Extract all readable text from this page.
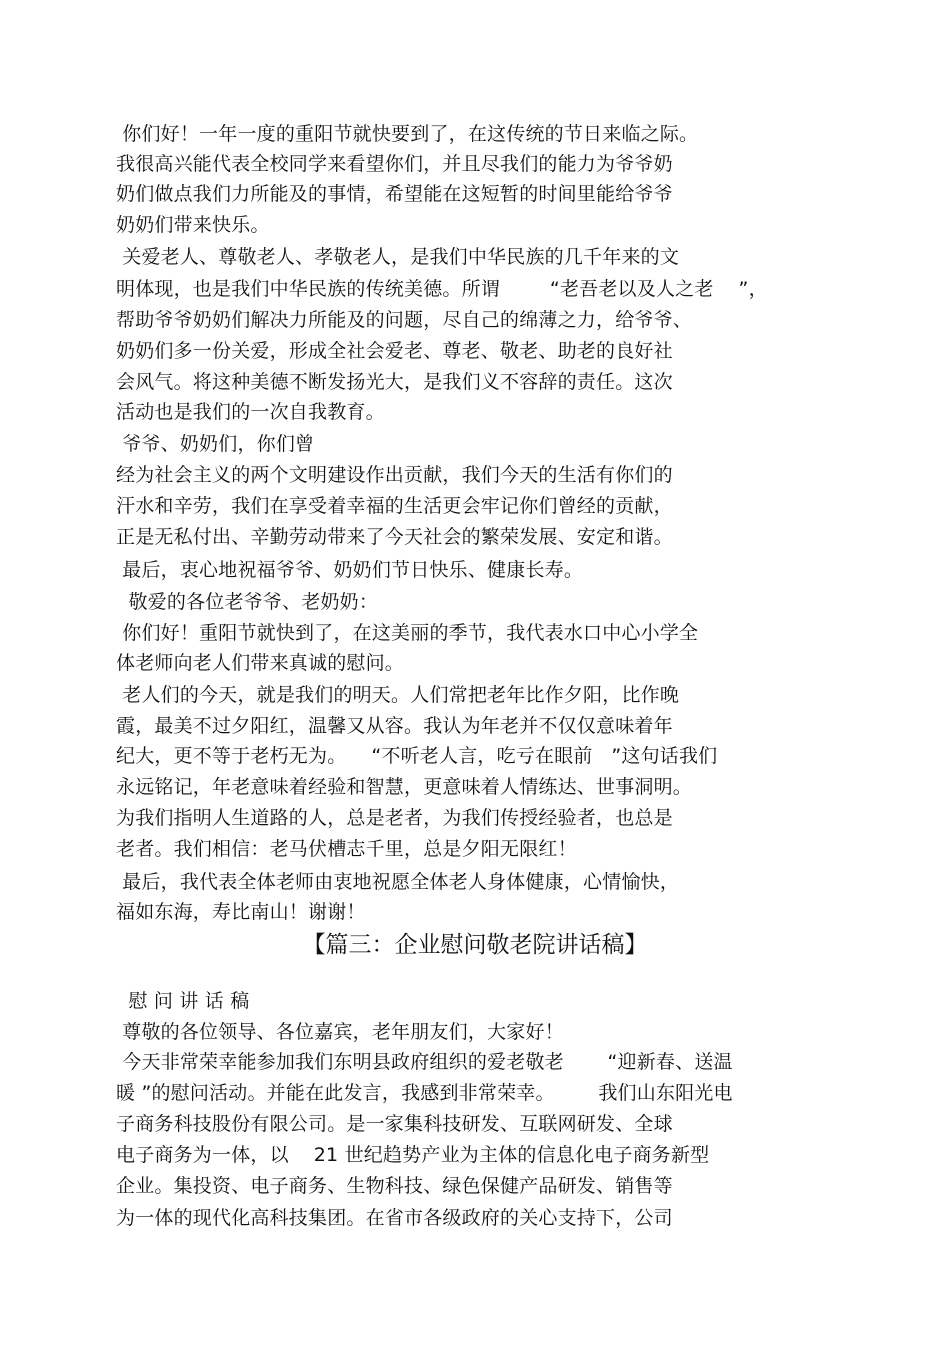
你们好！一年一度的重阳节就快要到了，在这传统的节日来临之际。
我很高兴能代表全校同学来看望你们，并且尽我们的能力为爷爷奶
奶们做点我们力所能及的事情，希望能在这短暂的时间里能给爷爷
奶奶们带来快乐。
关爱老人、尊敬老人、孝敬老人，是我们中华民族的几千年来的文
明体现，也是我们中华民族的传统美德。所谓        “老吾老以及人之老    ”，
帮助爷爷奶奶们解决力所能及的问题，尽自己的绵薄之力，给爷爷、
奶奶们多一份关爱，形成全社会爱老、尊老、敬老、助老的良好社
会风气。将这种美德不断发扬光大，是我们义不容辞的责任。这次
活动也是我们的一次自我教育。
爷爷、奶奶们，你们曾
经为社会主义的两个文明建设作出贡献，我们今天的生活有你们的
汗水和辛劳，我们在享受着幸福的生活更会牢记你们曾经的贡献，
正是无私付出、辛勤劳动带来了今天社会的繁荣发展、安定和谐。
最后，衷心地祝福爷爷、奶奶们节日快乐、健康长寿。
敬爱的各位老爷爷、老奶奶：
你们好！重阳节就快到了，在这美丽的季节，我代表水口中心小学全
体老师向老人们带来真诚的慰问。
老人们的今天，就是我们的明天。人们常把老年比作夕阳，比作晚
霞，最美不过夕阳红，温馨又从容。我认为年老并不仅仅意味着年
纪大，更不等于老朽无为。    “不听老人言，吃亏在眼前   ”这句话我们
永远铭记，年老意味着经验和智慧，更意味着人情练达、世事洞明。
为我们指明人生道路的人，总是老者，为我们传授经验者，也总是
老者。我们相信：老马伏槽志千里，总是夕阳无限红！
最后，我代表全体老师由衷地祝愿全体老人身体健康，心情愉快，
福如东海，寿比南山！谢谢！
【篇三：企业慰问敬老院讲话稿】
慰 问 讲 话 稿
尊敬的各位领导、各位嘉宾，老年朋友们，大家好！
今天非常荣幸能参加我们东明县政府组织的爱老敬老       “迎新春、送温
暖 ”的慰问活动。并能在此发言，我感到非常荣幸。       我们山东阳光电
子商务科技股份有限公司。是一家集科技研发、互联网研发、全球
电子商务为一体，以    21 世纪趋势产业为主体的信息化电子商务新型
企业。集投资、电子商务、生物科技、绿色保健产品研发、销售等
为一体的现代化高科技集团。在省市各级政府的关心支持下，公司
